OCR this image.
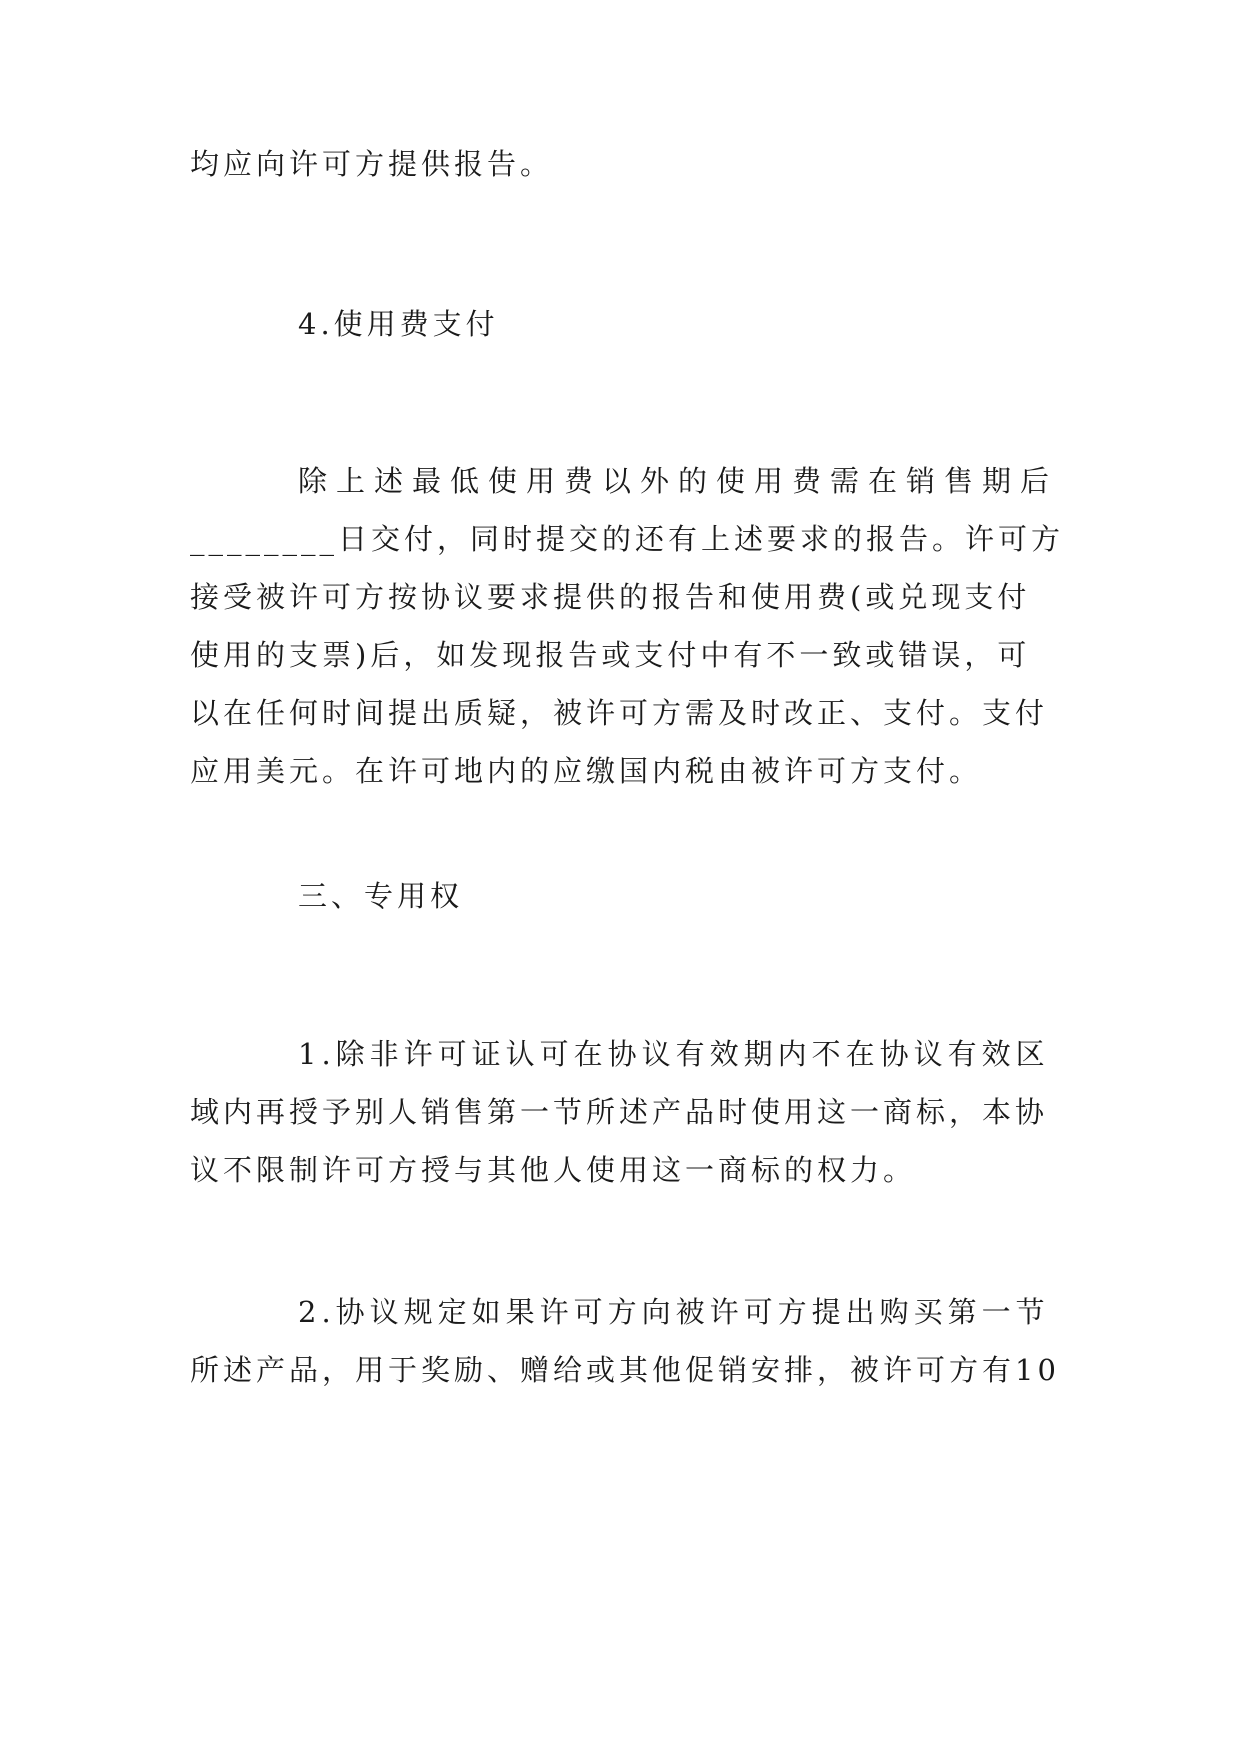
均应向许可方提供报告。
4.使用费支付
除上述最低使用费以外的使用费需在销售期后
________日交付，同时提交的还有上述要求的报告。许可方
接受被许可方按协议要求提供的报告和使用费(或兑现支付
使用的支票)后，如发现报告或支付中有不一致或错误，可
以在任何时间提出质疑，被许可方需及时改正、支付。支付
应用美元。在许可地内的应缴国内税由被许可方支付。
三、专用权
1.除非许可证认可在协议有效期内不在协议有效区
域内再授予别人销售第一节所述产品时使用这一商标，本协
议不限制许可方授与其他人使用这一商标的权力。
2.协议规定如果许可方向被许可方提出购买第一节
所述产品，用于奖励、赠给或其他促销安排，被许可方有10
